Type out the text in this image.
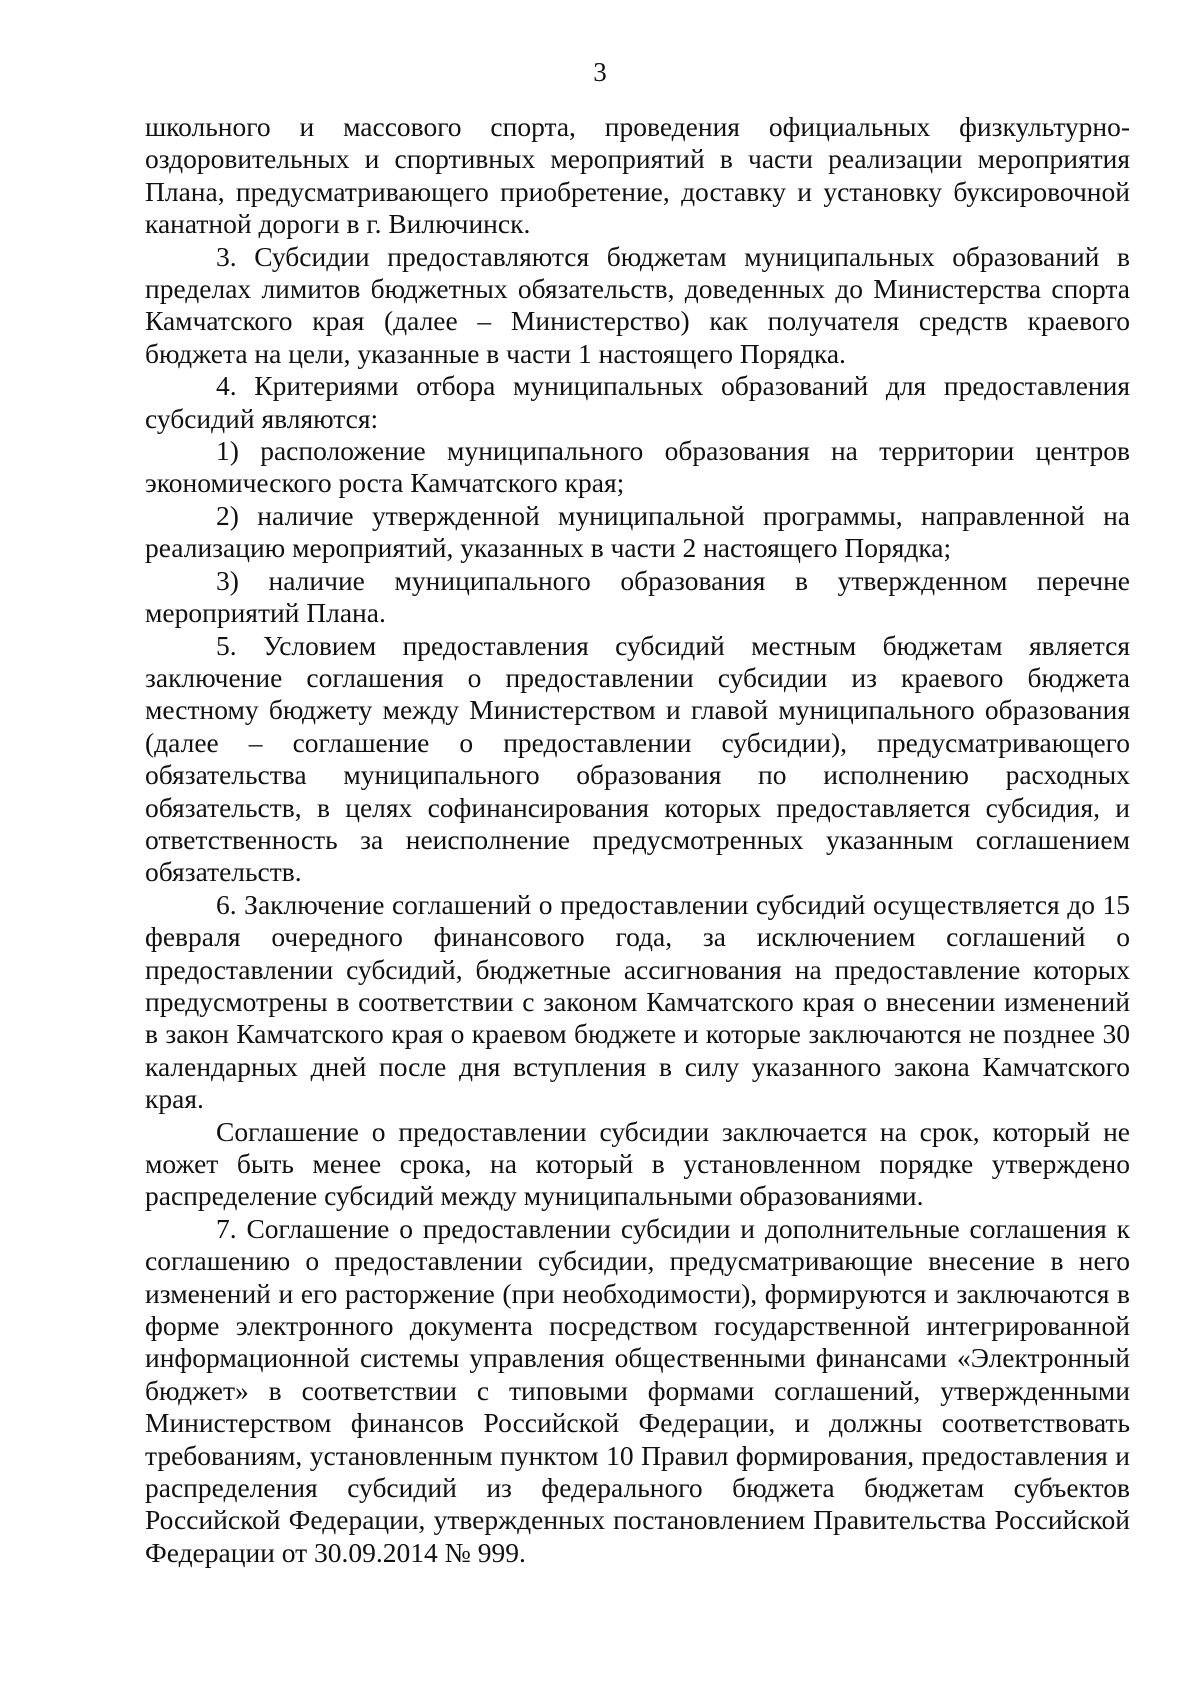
3

школьного и массового спорта, проведения официальных физкультурно-оздоровительных и спортивных мероприятий в части реализации мероприятия Плана, предусматривающего приобретение, доставку и установку буксировочной канатной дороги в г. Вилючинск.

3. Субсидии предоставляются бюджетам муниципальных образований в пределах лимитов бюджетных обязательств, доведенных до Министерства спорта Камчатского края (далее – Министерство) как получателя средств краевого бюджета на цели, указанные в части 1 настоящего Порядка.

4. Критериями отбора муниципальных образований для предоставления субсидий являются:

1) расположение муниципального образования на территории центров экономического роста Камчатского края;

2) наличие утвержденной муниципальной программы, направленной на реализацию мероприятий, указанных в части 2 настоящего Порядка;

3) наличие муниципального образования в утвержденном перечне мероприятий Плана.

5. Условием предоставления субсидий местным бюджетам является заключение соглашения о предоставлении субсидии из краевого бюджета местному бюджету между Министерством и главой муниципального образования (далее – соглашение о предоставлении субсидии), предусматривающего обязательства муниципального образования по исполнению расходных обязательств, в целях софинансирования которых предоставляется субсидия, и ответственность за неисполнение предусмотренных указанным соглашением обязательств.

6. Заключение соглашений о предоставлении субсидий осуществляется до 15 февраля очередного финансового года, за исключением соглашений о предоставлении субсидий, бюджетные ассигнования на предоставление которых предусмотрены в соответствии с законом Камчатского края о внесении изменений в закон Камчатского края о краевом бюджете и которые заключаются не позднее 30 календарных дней после дня вступления в силу указанного закона Камчатского края.

Соглашение о предоставлении субсидии заключается на срок, который не может быть менее срока, на который в установленном порядке утверждено распределение субсидий между муниципальными образованиями.

7. Соглашение о предоставлении субсидии и дополнительные соглашения к соглашению о предоставлении субсидии, предусматривающие внесение в него изменений и его расторжение (при необходимости), формируются и заключаются в форме электронного документа посредством государственной интегрированной информационной системы управления общественными финансами «Электронный бюджет» в соответствии с типовыми формами соглашений, утвержденными Министерством финансов Российской Федерации, и должны соответствовать требованиям, установленным пунктом 10 Правил формирования, предоставления и распределения субсидий из федерального бюджета бюджетам субъектов Российской Федерации, утвержденных постановлением Правительства Российской Федерации от 30.09.2014 № 999.
